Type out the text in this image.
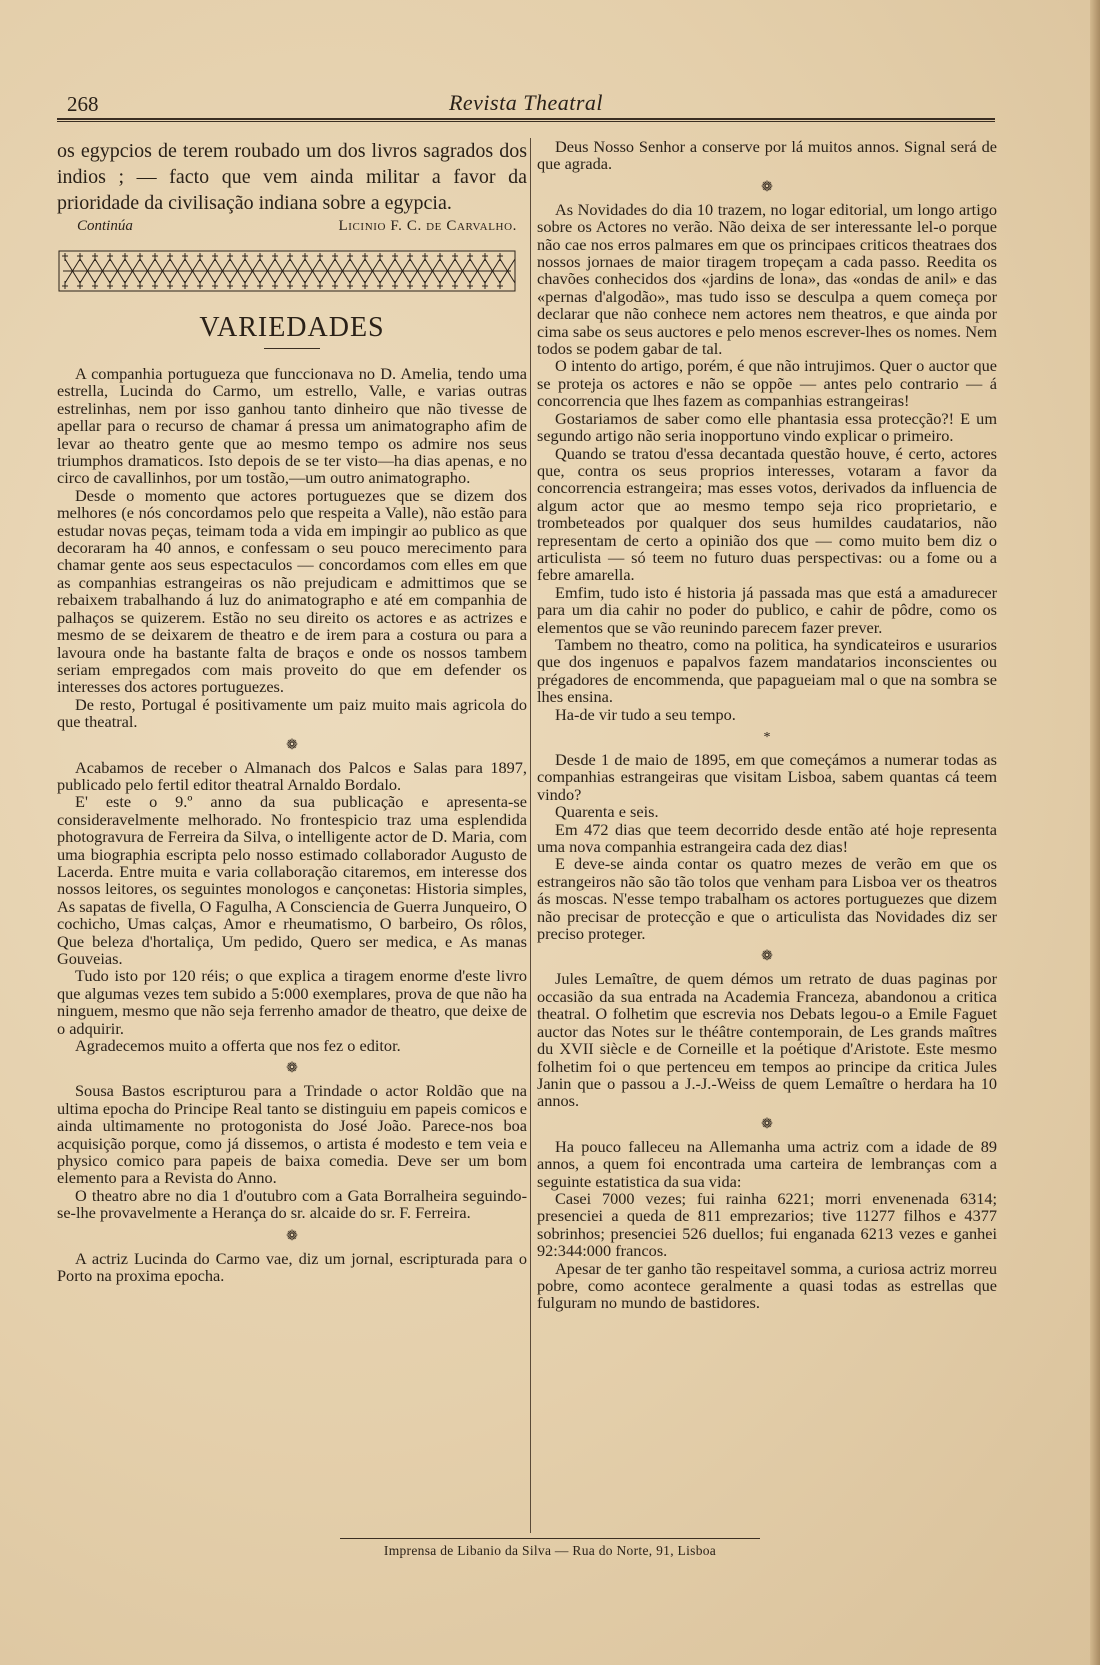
268	Revista Theatral

os egypcios de terem roubado um dos livros sagrados dos indios ; — facto que vem ainda militar a favor da prioridade da civilisação indiana sobre a egypcia.

Continúa	Licinio F. C. de Carvalho.
VARIEDADES

A companhia portugueza que funccionava no D. Amelia, tendo uma estrella, Lucinda do Carmo, um estrello, Valle, e varias outras estrelinhas, nem por isso ganhou tanto dinheiro que não tivesse de apellar para o recurso de chamar á pressa um animatographo afim de levar ao theatro gente que ao mesmo tempo os admire nos seus triumphos dramaticos. Isto depois de se ter visto—ha dias apenas, e no circo de cavallinhos, por um tostão,—um outro animatographo.

Desde o momento que actores portuguezes que se dizem dos melhores (e nós concordamos pelo que respeita a Valle), não estão para estudar novas peças, teimam toda a vida em impingir ao publico as que decoraram ha 40 annos, e confessam o seu pouco merecimento para chamar gente aos seus espectaculos — concordamos com elles em que as companhias estrangeiras os não prejudicam e admittimos que se rebaixem trabalhando á luz do animatographo e até em companhia de palhaços se quizerem. Estão no seu direito os actores e as actrizes e mesmo de se deixarem de theatro e de irem para a costura ou para a lavoura onde ha bastante falta de braços e onde os nossos tambem seriam empregados com mais proveito do que em defender os interesses dos actores portuguezes.

De resto, Portugal é positivamente um paiz muito mais agricola do que theatral.

❁

Acabamos de receber o Almanach dos Palcos e Salas para 1897, publicado pelo fertil editor theatral Arnaldo Bordalo.

E' este o 9.º anno da sua publicação e apresenta-se consideravelmente melhorado. No frontespicio traz uma esplendida photogravura de Ferreira da Silva, o intelligente actor de D. Maria, com uma biographia escripta pelo nosso estimado collaborador Augusto de Lacerda. Entre muita e varia collaboração citaremos, em interesse dos nossos leitores, os seguintes monologos e cançonetas: Historia simples, As sapatas de fivella, O Fagulha, A Consciencia de Guerra Junqueiro, O cochicho, Umas calças, Amor e rheumatismo, O barbeiro, Os rôlos, Que beleza d'hortaliça, Um pedido, Quero ser medica, e As manas Gouveias.

Tudo isto por 120 réis; o que explica a tiragem enorme d'este livro que algumas vezes tem subido a 5:000 exemplares, prova de que não ha ninguem, mesmo que não seja ferrenho amador de theatro, que deixe de o adquirir.

Agradecemos muito a offerta que nos fez o editor.

❁

Sousa Bastos escripturou para a Trindade o actor Roldão que na ultima epocha do Principe Real tanto se distinguiu em papeis comicos e ainda ultimamente no protogonista do José João. Parece-nos boa acquisição porque, como já dissemos, o artista é modesto e tem veia e physico comico para papeis de baixa comedia. Deve ser um bom elemento para a Revista do Anno.

O theatro abre no dia 1 d'outubro com a Gata Borralheira seguindo-se-lhe provavelmente a Herança do sr. alcaide do sr. F. Ferreira.

❁

A actriz Lucinda do Carmo vae, diz um jornal, escripturada para o Porto na proxima epocha.

Deus Nosso Senhor a conserve por lá muitos annos. Signal será de que agrada.

❁

As Novidades do dia 10 trazem, no logar editorial, um longo artigo sobre os Actores no verão. Não deixa de ser interessante lel-o porque não cae nos erros palmares em que os principaes criticos theatraes dos nossos jornaes de maior tiragem tropeçam a cada passo. Reedita os chavões conhecidos dos «jardins de lona», das «ondas de anil» e das «pernas d'algodão», mas tudo isso se desculpa a quem começa por declarar que não conhece nem actores nem theatros, e que ainda por cima sabe os seus auctores e pelo menos escrever-lhes os nomes. Nem todos se podem gabar de tal.

O intento do artigo, porém, é que não intrujimos. Quer o auctor que se proteja os actores e não se oppõe — antes pelo contrario — á concorrencia que lhes fazem as companhias estrangeiras!

Gostariamos de saber como elle phantasia essa protecção?! E um segundo artigo não seria inopportuno vindo explicar o primeiro.

Quando se tratou d'essa decantada questão houve, é certo, actores que, contra os seus proprios interesses, votaram a favor da concorrencia estrangeira; mas esses votos, derivados da influencia de algum actor que ao mesmo tempo seja rico proprietario, e trombeteados por qualquer dos seus humildes caudatarios, não representam de certo a opinião dos que — como muito bem diz o articulista — só teem no futuro duas perspectivas: ou a fome ou a febre amarella.

Emfim, tudo isto é historia já passada mas que está a amadurecer para um dia cahir no poder do publico, e cahir de pôdre, como os elementos que se vão reunindo parecem fazer prever.

Tambem no theatro, como na politica, ha syndicateiros e usurarios que dos ingenuos e papalvos fazem mandatarios inconscientes ou prégadores de encommenda, que papagueiam mal o que na sombra se lhes ensina.

Ha-de vir tudo a seu tempo.

*

Desde 1 de maio de 1895, em que começámos a numerar todas as companhias estrangeiras que visitam Lisboa, sabem quantas cá teem vindo?

Quarenta e seis.

Em 472 dias que teem decorrido desde então até hoje representa uma nova companhia estrangeira cada dez dias!

E deve-se ainda contar os quatro mezes de verão em que os estrangeiros não são tão tolos que venham para Lisboa ver os theatros ás moscas. N'esse tempo trabalham os actores portuguezes que dizem não precisar de protecção e que o articulista das Novidades diz ser preciso proteger.

❁

Jules Lemaître, de quem démos um retrato de duas paginas por occasião da sua entrada na Academia Franceza, abandonou a critica theatral. O folhetim que escrevia nos Debats legou-o a Emile Faguet auctor das Notes sur le théâtre contemporain, de Les grands maîtres du XVII siècle e de Corneille et la poétique d'Aristote. Este mesmo folhetim foi o que pertenceu em tempos ao principe da critica Jules Janin que o passou a J.-J.-Weiss de quem Lemaître o herdara ha 10 annos.

❁

Ha pouco falleceu na Allemanha uma actriz com a idade de 89 annos, a quem foi encontrada uma carteira de lembranças com a seguinte estatistica da sua vida:

Casei 7000 vezes; fui rainha 6221; morri envenenada 6314; presenciei a queda de 811 emprezarios; tive 11277 filhos e 4377 sobrinhos; presenciei 526 duellos; fui enganada 6213 vezes e ganhei 92:344:000 francos.

Apesar de ter ganho tão respeitavel somma, a curiosa actriz morreu pobre, como acontece geralmente a quasi todas as estrellas que fulguram no mundo de bastidores.

Imprensa de Libanio da Silva — Rua do Norte, 91, Lisboa
